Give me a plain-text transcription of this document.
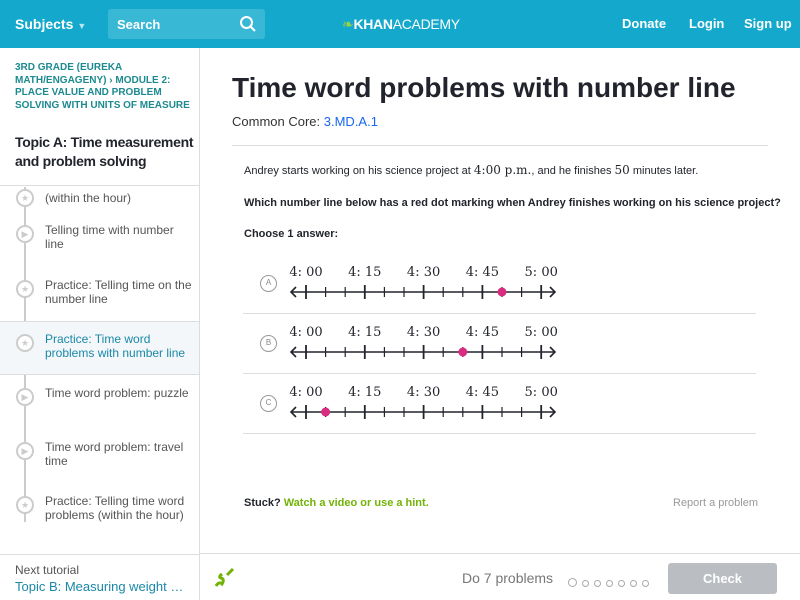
Subjects ▼ Search	❧KHANACADEMY	Donate Login Sign up
3RD GRADE (EUREKA MATH/ENGAGENY) › MODULE 2: PLACE VALUE AND PROBLEM SOLVING WITH UNITS OF MEASURE
Topic A: Time measurement and problem solving
★	(within the hour)
▶	Telling time with number line
★	Practice: Telling time on the number line
★	Practice: Time word problems with number line
▶	Time word problem: puzzle
▶	Time word problem: travel time
★	Practice: Telling time word problems (within the hour)
Next tutorial
Topic B: Measuring weight …
Time word problems with number line
Common Core: 3.MD.A.1
Andrey starts working on his science project at 4:00 p.m., and he finishes 50 minutes later.
Which number line below has a red dot marking when Andrey finishes working on his science project?
Choose 1 answer:
A
4: 00 4: 15 4: 30 4: 45 5: 00
B
4: 00 4: 15 4: 30 4: 45 5: 00
C
4: 00 4: 15 4: 30 4: 45 5: 00
Stuck? Watch a video or use a hint.	Report a problem
Do 7 problems	Check
